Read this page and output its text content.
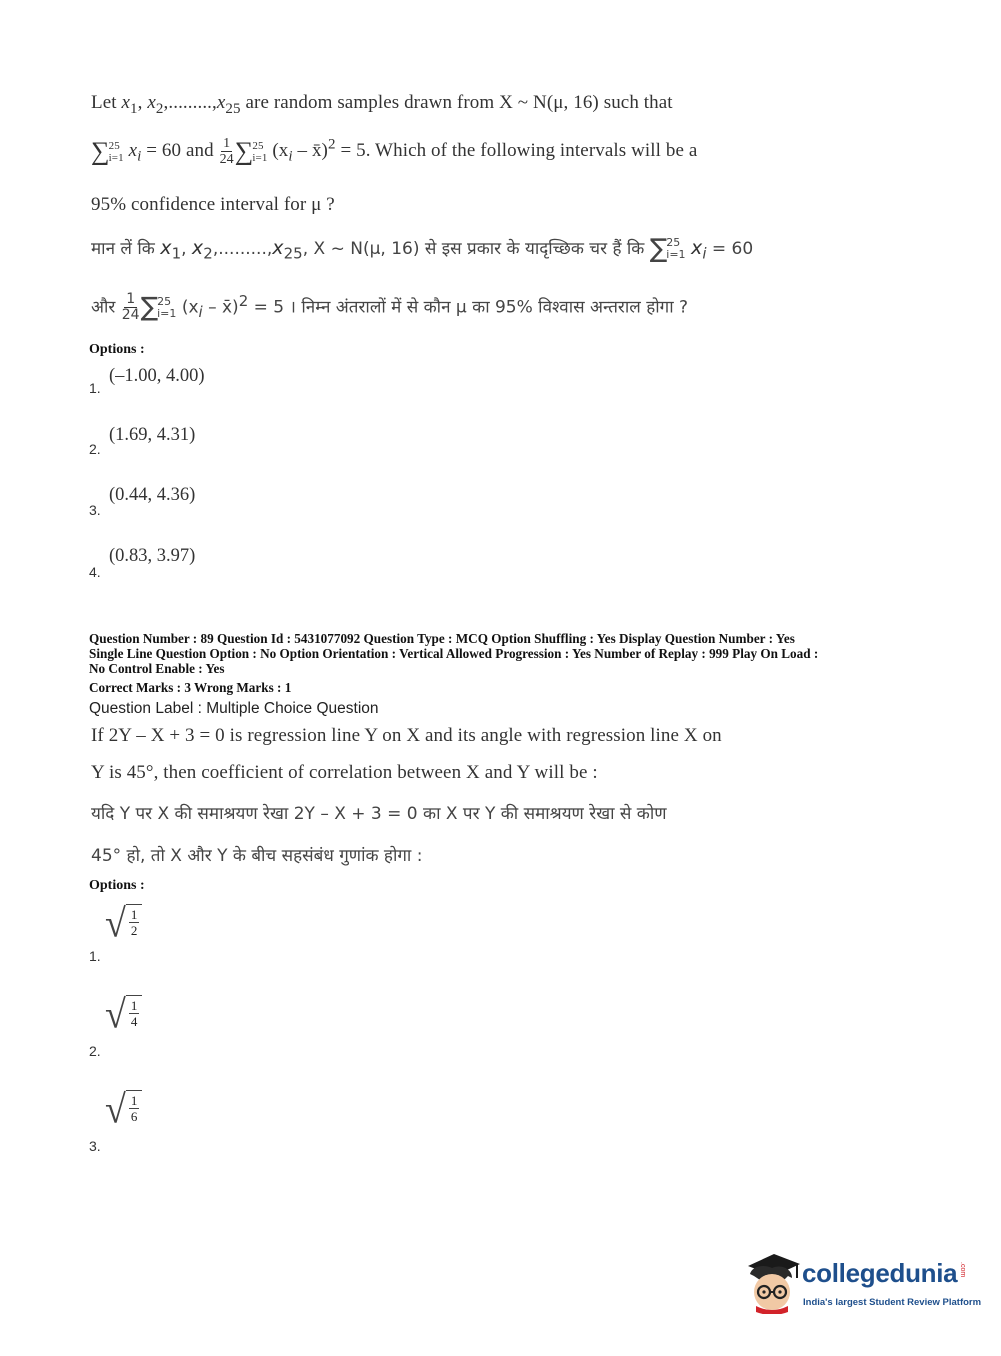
Let $x_1$, $x_2,.........,x_{25}$ are random samples drawn from X ~ N(μ, 16) such that
∑25
i=1 $x_i = 60$ and $\frac{1}{24} \sum 25$
i=1 ($x_i$ – x̄)$^2$ = 5. Which of the following intervals will be a
95% confidence interval for μ ?
मान लें कि $x_1$, $x_2,.........,x_{25}$, X ~ N(μ, 16) से इस प्रकार के यादृच्छिक चर हैं कि ∑25
i=1 $x_i = 60$
और $\frac{1}{24} \sum 25$
i=1 ($x_i$ – x̄)$^2$ = 5 । निम्न अंतरालों में से कौन μ का 95% विश्वास अन्तराल होगा ?
Options :
1.
(–1.00, 4.00)
2.
(1.69, 4.31)
3.
(0.44, 4.36)
4.
(0.83, 3.97)
Question Number : 89 Question Id : 5431077092 Question Type : MCQ Option Shuffling : Yes Display Question Number : Yes
Single Line Question Option : No Option Orientation : Vertical Allowed Progression : Yes Number of Replay : 999 Play On Load :
No Control Enable : Yes
Correct Marks : 3 Wrong Marks : 1
Question Label : Multiple Choice Question
If 2Y – X + 3 = 0 is regression line Y on X and its angle with regression line X on
Y is 45°, then coefficient of correlation between X and Y will be :
यदि Y पर X की समाश्रयण रेखा 2Y – X + 3 = 0 का X पर Y की समाश्रयण रेखा से कोण
45° हो, तो X और Y के बीच सहसंबंध गुणांक होगा :
Options :
1.
√ 1
2
2.
√ 1
4
3.
√ 1
6
collegedunia .com
India's largest Student Review Platform
